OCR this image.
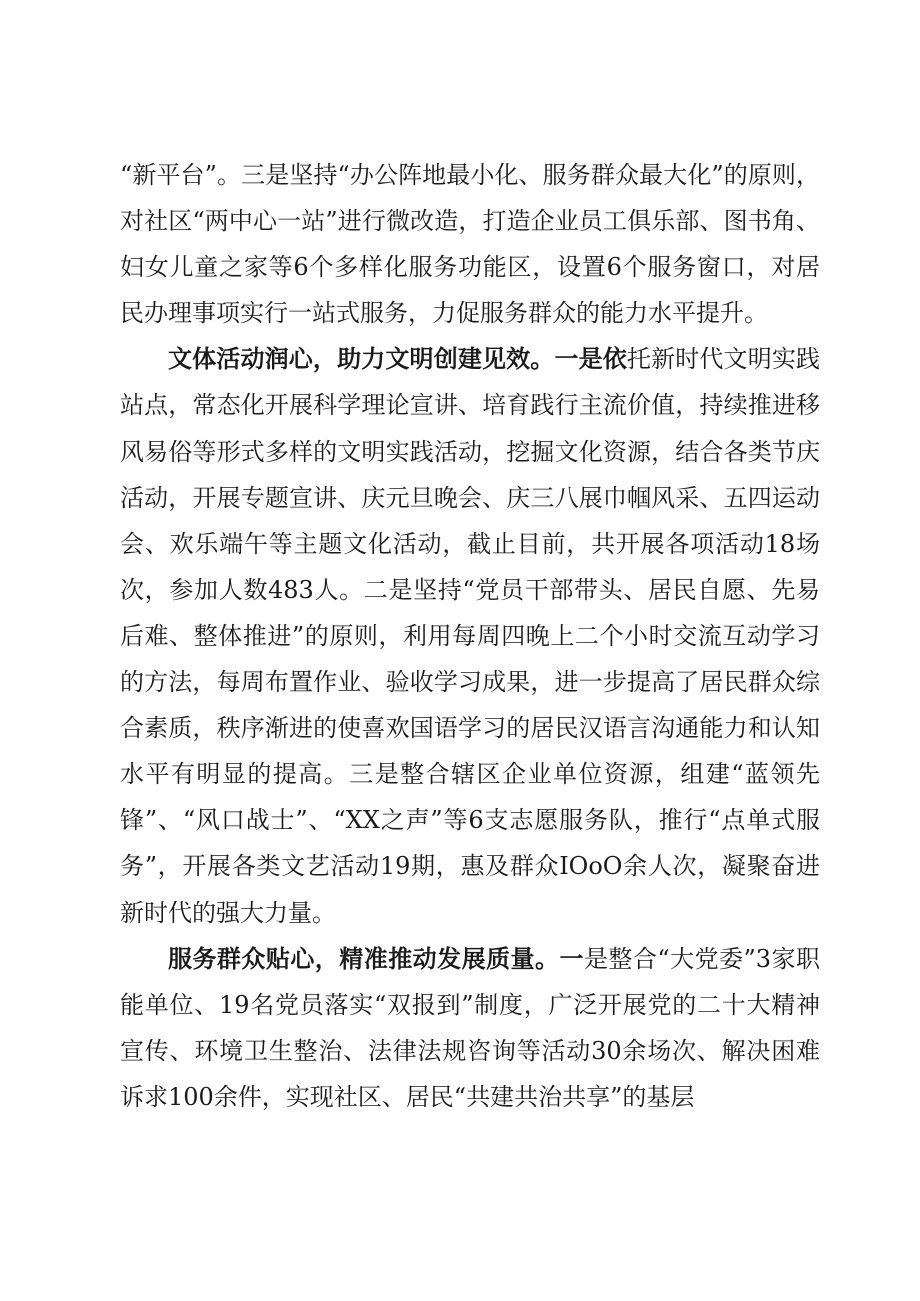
“新平台”。三是坚持“办公阵地最小化、服务群众最大化”的原则，对社区“两中心一站”进行微改造，打造企业员工俱乐部、图书角、妇女儿童之家等6个多样化服务功能区，设置6个服务窗口，对居民办理事项实行一站式服务，力促服务群众的能力水平提升。

文体活动润心，助力文明创建见效。一是依托新时代文明实践站点，常态化开展科学理论宣讲、培育践行主流价值，持续推进移风易俗等形式多样的文明实践活动，挖掘文化资源，结合各类节庆活动，开展专题宣讲、庆元旦晚会、庆三八展巾帼风采、五四运动会、欢乐端午等主题文化活动，截止目前，共开展各项活动18场次，参加人数483人。二是坚持“党员干部带头、居民自愿、先易后难、整体推进”的原则，利用每周四晚上二个小时交流互动学习的方法，每周布置作业、验收学习成果，进一步提高了居民群众综合素质，秩序渐进的使喜欢国语学习的居民汉语言沟通能力和认知水平有明显的提高。三是整合辖区企业单位资源，组建“蓝领先锋”、“风口战士”、“XX之声”等6支志愿服务队，推行“点单式服务”，开展各类文艺活动19期，惠及群众IOoO余人次，凝聚奋进新时代的强大力量。

服务群众贴心，精准推动发展质量。一是整合“大党委”3家职能单位、19名党员落实“双报到”制度，广泛开展党的二十大精神宣传、环境卫生整治、法律法规咨询等活动30余场次、解决困难诉求100余件，实现社区、居民“共建共治共享”的基层
